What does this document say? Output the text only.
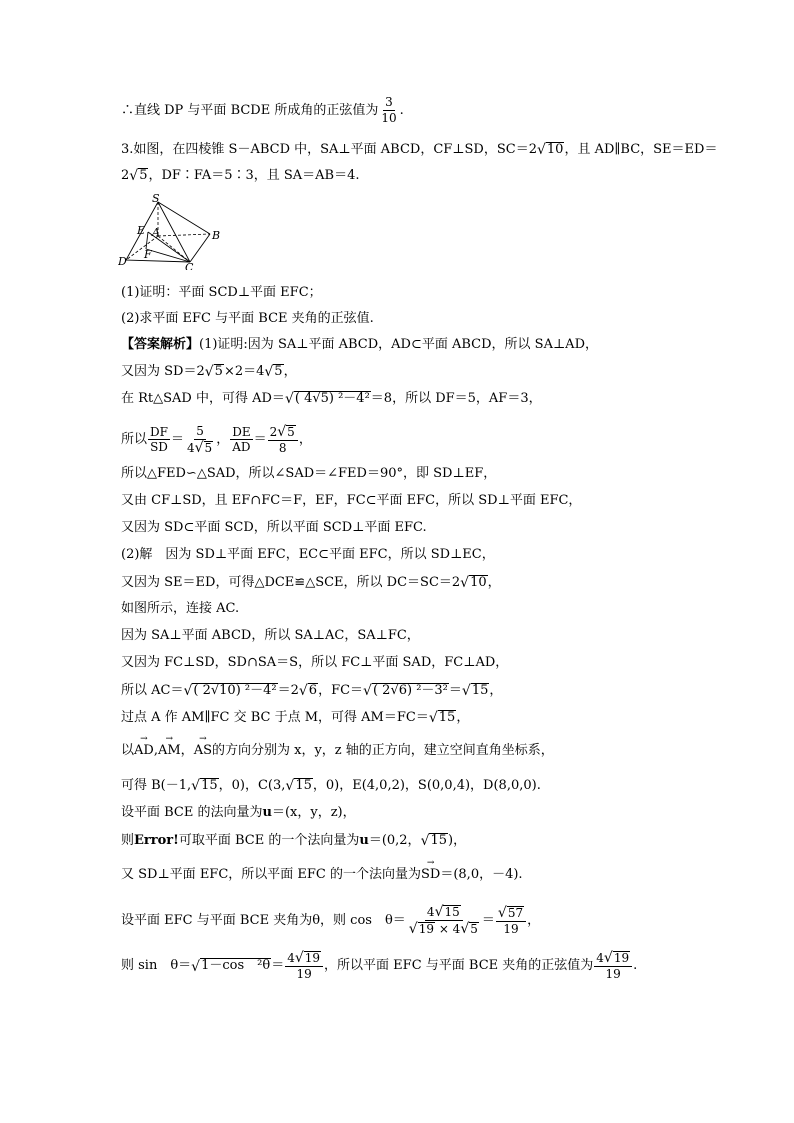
∴直线 DP 与平面 BCDE 所成角的正弦值为 $\frac{3}{10}$ .
3.如图，在四棱锥 S－ABCD 中，SA⊥平面 ABCD，CF⊥SD，SC＝2 √ 10 ，且 AD∥BC，SE＝ED＝
2 √ 5 ，DF∶FA＝5∶3，且 SA＝AB＝4.
S
E A	B
D
F
C
(1)证明：平面 SCD⊥平面 EFC；
(2)求平面 EFC 与平面 BCE 夹角的正弦值.
【答案解析】 (1)证明:因为 SA⊥平面 ABCD，AD⊂平面 ABCD，所以 SA⊥AD，
又因为 SD＝2 √ 5 ×2＝4 √ 5 ，
在 Rt△SAD 中，可得 AD＝ √ ( 4√5) ²－4² ＝8，所以 DF＝5，AF＝3，
所以 $\frac{DF}{SD} = \frac{5}{4 √ 5}$ ， $\frac{DE}{AD} = \frac{2 √ 5}{8}$ ，
所以△FED∽△SAD，所以∠SAD＝∠FED＝90°，即 SD⊥EF，
又由 CF⊥SD，且 EF∩FC＝F，EF，FC⊂平面 EFC，所以 SD⊥平面 EFC，
又因为 SD⊂平面 SCD，所以平面 SCD⊥平面 EFC.
(2)解　因为 SD⊥平面 EFC，EC⊂平面 EFC，所以 SD⊥EC，
又因为 SE＝ED，可得△DCE≌△SCE，所以 DC＝SC＝2 √ 10 ，
如图所示，连接 AC.
因为 SA⊥平面 ABCD，所以 SA⊥AC，SA⊥FC，
又因为 FC⊥SD，SD∩SA＝S，所以 FC⊥平面 SAD，FC⊥AD，
所以 AC＝ √ ( 2√10) ²－4² ＝2 √ 6 ，FC＝ √ ( 2√6) ²－3² ＝ √ 15 ，
过点 A 作 AM∥FC 交 BC 于点 M，可得 AM＝FC＝ √ 15 ，
以 → AD , → AM ， → AS 的方向分别为 x，y，z 轴的正方向，建立空间直角坐标系，
可得 B(－1, √ 15 ，0)，C(3, √ 15 ，0)，E(4,0,2)，S(0,0,4)，D(8,0,0).
设平面 BCE 的法向量为 u ＝(x，y，z)，
则 Error! 可取平面 BCE 的一个法向量为 u ＝(0,2， √ 15 )，
又 SD⊥平面 EFC，所以平面 EFC 的一个法向量为 → SD ＝(8,0，－4).
设平面 EFC 与平面 BCE 夹角为θ，则 cos　$\theta= \frac{4 √ 15}{√ 19 \times 4 √ 5} = \frac{√ 57}{19}$ ，
则 sin　θ＝ √ 1－cos　$^2\theta = \frac{4 √ 19}{19}$ ，所以平面 EFC 与平面 BCE 夹角的正弦值为 $\frac{4 √ 19}{19}$ .
